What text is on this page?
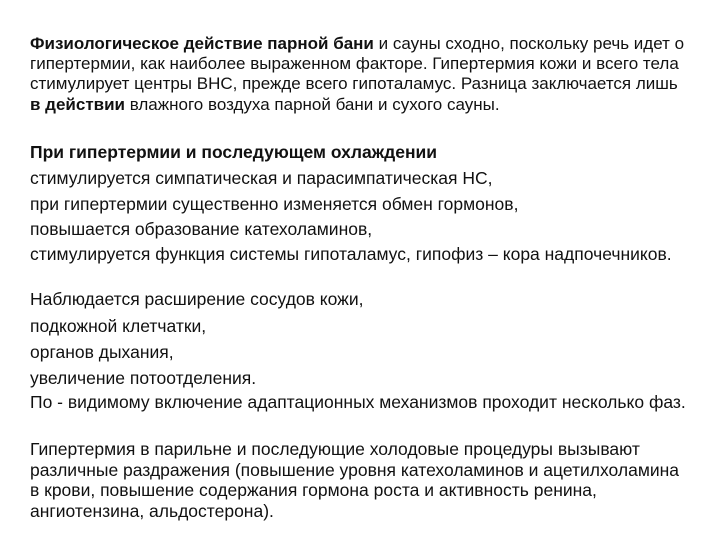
Физиологическое действие парной бани и сауны сходно, поскольку речь идет о гипертермии, как наиболее выраженном факторе. Гипертермия кожи и всего тела стимулирует центры ВНС, прежде всего гипоталамус. Разница заключается лишь в действии влажного воздуха парной бани и сухого сауны.

При гипертермии и последующем охлаждении

стимулируется симпатическая и парасимпатическая НС,

при гипертермии существенно изменяется обмен гормонов,

повышается образование катехоламинов,

стимулируется функция системы гипоталамус, гипофиз – кора надпочечников.

Наблюдается расширение сосудов кожи,

подкожной клетчатки,

органов дыхания,

увеличение потоотделения.

По - видимому включение адаптационных механизмов проходит несколько фаз.

Гипертермия в парильне и последующие холодовые процедуры вызывают различные раздражения (повышение уровня катехоламинов и ацетилхоламина в крови, повышение содержания гормона роста и активность ренина, ангиотензина, альдостерона).
